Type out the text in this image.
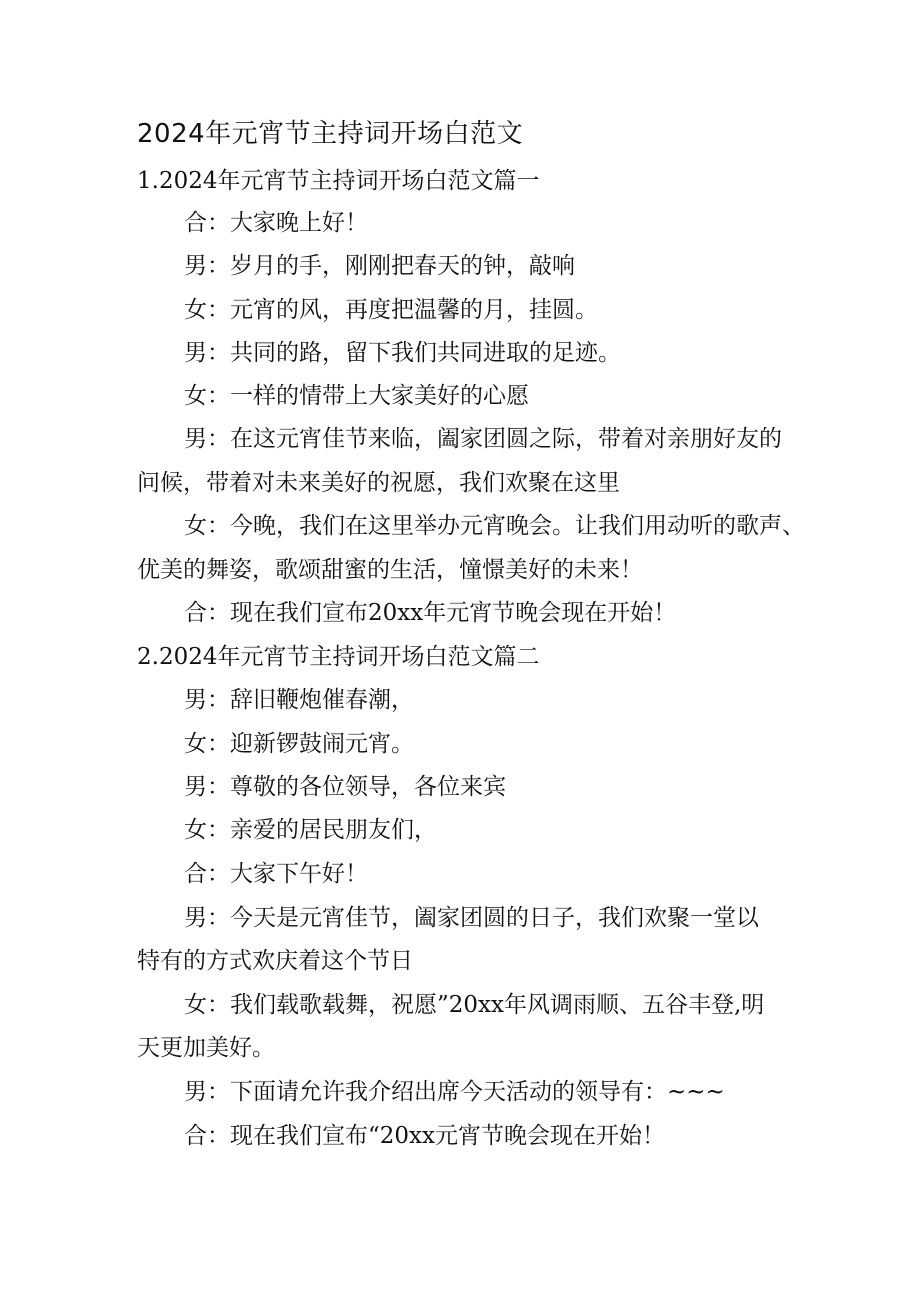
2024年元宵节主持词开场白范文
1.2024年元宵节主持词开场白范文篇一
合：大家晚上好！
男：岁月的手，刚刚把春天的钟，敲响
女：元宵的风，再度把温馨的月，挂圆。
男：共同的路，留下我们共同进取的足迹。
女：一样的情带上大家美好的心愿
男：在这元宵佳节来临，阖家团圆之际，带着对亲朋好友的
问候，带着对未来美好的祝愿，我们欢聚在这里
女：今晚，我们在这里举办元宵晚会。让我们用动听的歌声、
优美的舞姿，歌颂甜蜜的生活，憧憬美好的未来！
合：现在我们宣布20xx年元宵节晚会现在开始！
2.2024年元宵节主持词开场白范文篇二
男：辞旧鞭炮催春潮，
女：迎新锣鼓闹元宵。
男：尊敬的各位领导，各位来宾
女：亲爱的居民朋友们，
合：大家下午好！
男：今天是元宵佳节，阖家团圆的日子，我们欢聚一堂以
特有的方式欢庆着这个节日
女：我们载歌载舞，祝愿”20xx年风调雨顺、五谷丰登,明
天更加美好。
男：下面请允许我介绍出席今天活动的领导有：~~~
合：现在我们宣布“20xx元宵节晚会现在开始！
